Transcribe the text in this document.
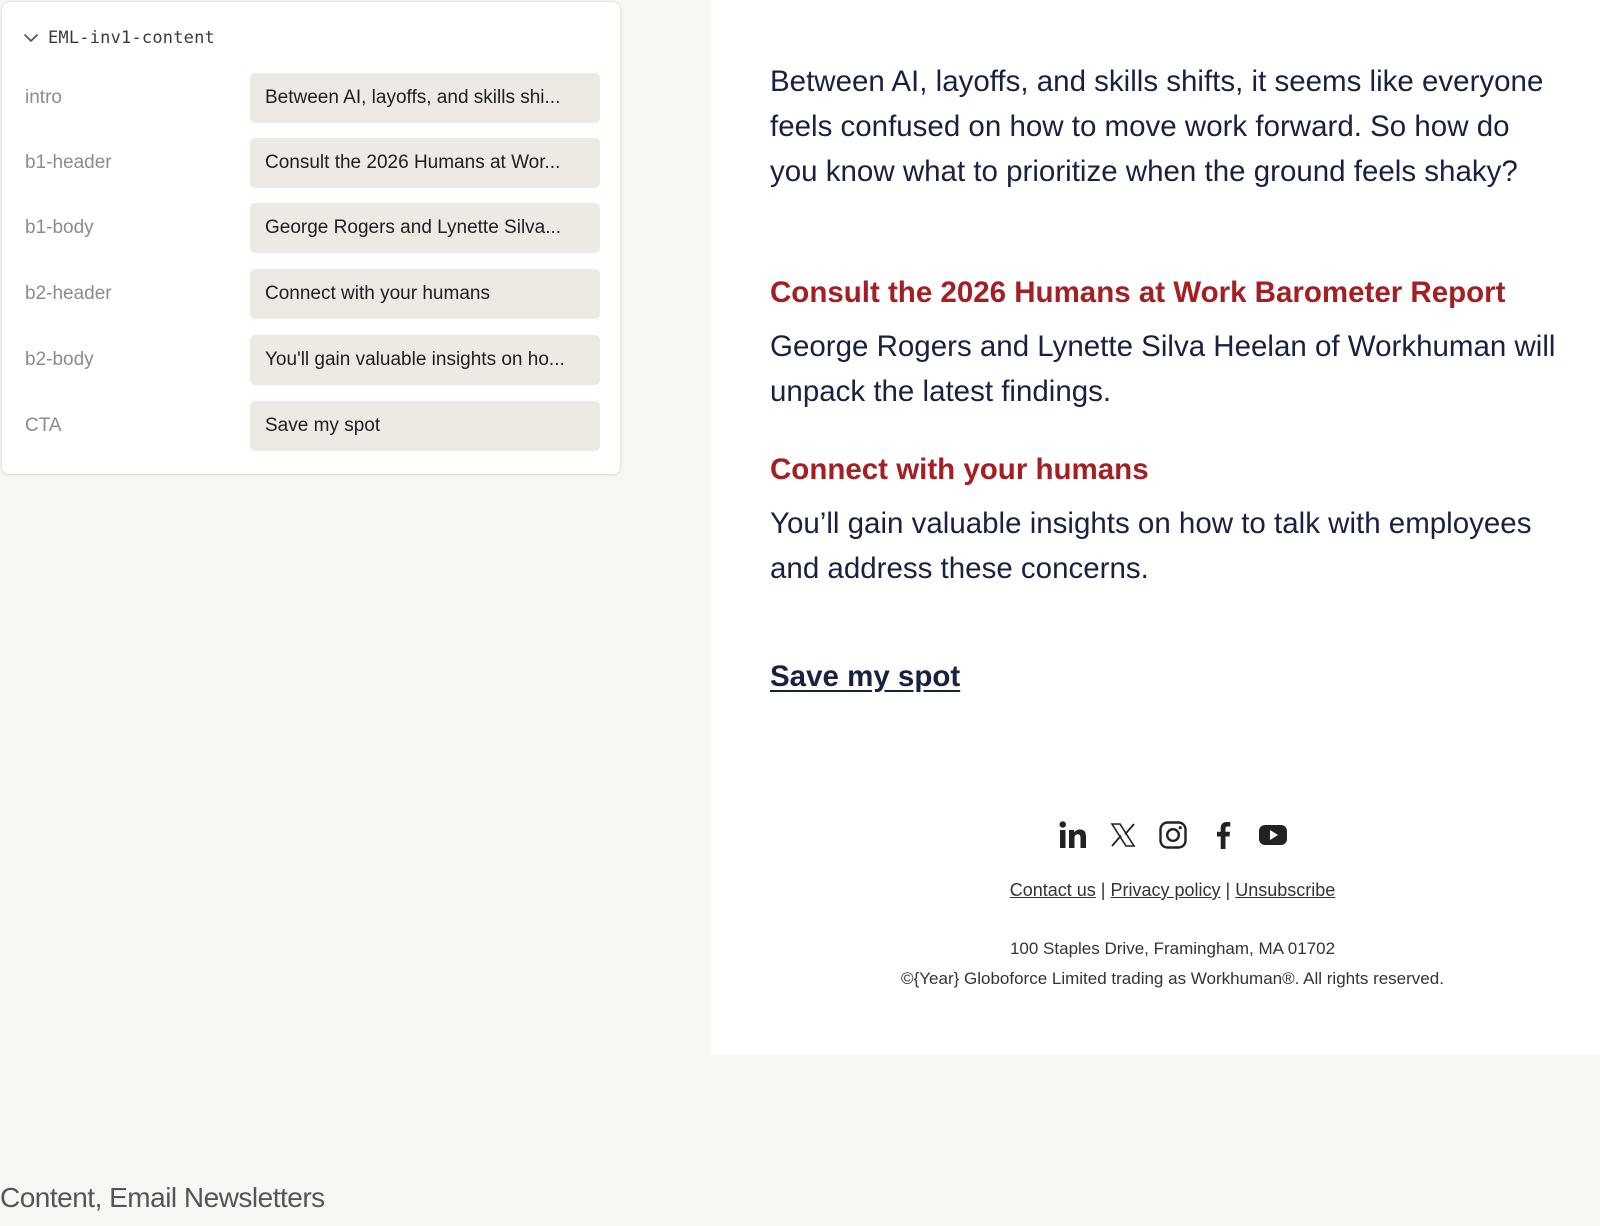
EML-inv1-content
intro	Between AI, layoffs, and skills shi...
b1-header	Consult the 2026 Humans at Wor...
b1-body	George Rogers and Lynette Silva...
b2-header	Connect with your humans
b2-body	You'll gain valuable insights on ho...
CTA	Save my spot

Between AI, layoffs, and skills shifts, it seems like everyone feels confused on how to move work forward. So how do you know what to prioritize when the ground feels shaky?

Consult the 2026 Humans at Work Barometer Report

George Rogers and Lynette Silva Heelan of Workhuman will unpack the latest findings.

Connect with your humans

You’ll gain valuable insights on how to talk with employees and address these concerns.

Save my spot
Contact us | Privacy policy | Unsubscribe
100 Staples Drive, Framingham, MA 01702
©{Year} Globoforce Limited trading as Workhuman®. All rights reserved.
Content, Email Newsletters
